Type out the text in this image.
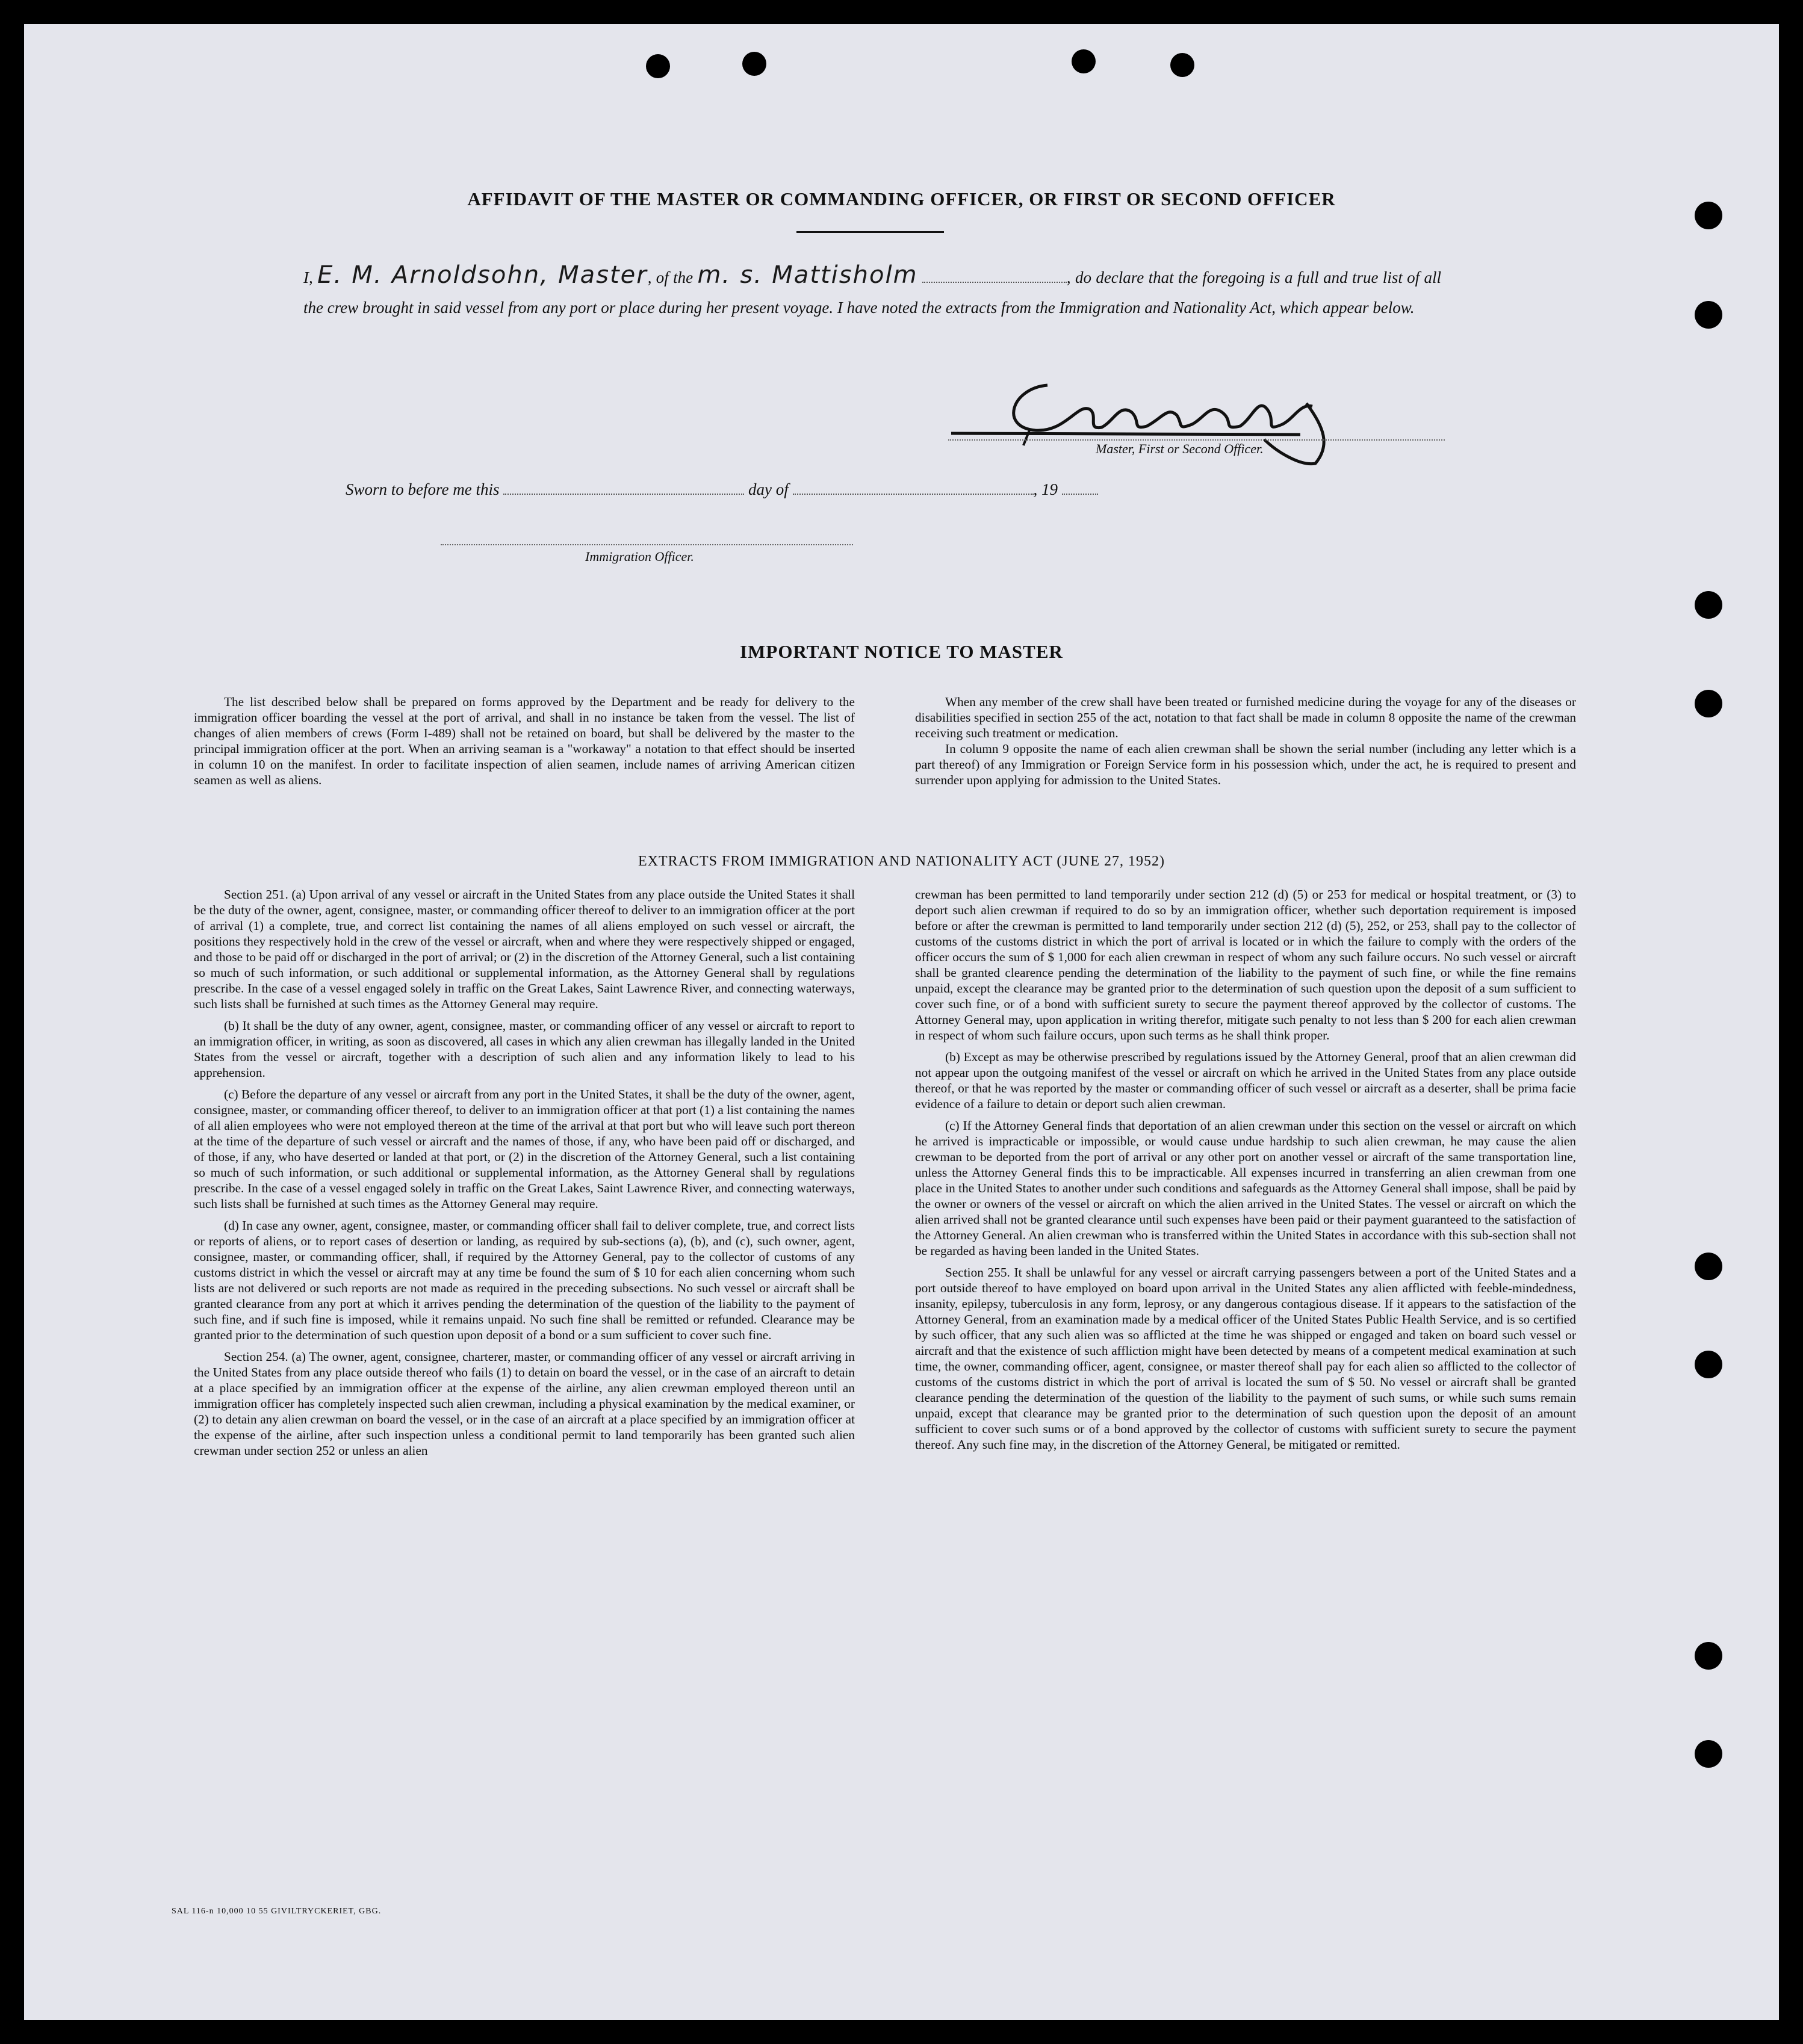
AFFIDAVIT OF THE MASTER OR COMMANDING OFFICER, OR FIRST OR SECOND OFFICER
I, E. M. Arnoldsohn, Master, of the m. s. Mattisholm	, do declare that the foregoing is a full and true list of all the crew brought in said vessel from any port or place during her present voyage. I have noted the extracts from the Immigration and Nationality Act, which appear below.
Master, First or Second Officer.
Sworn to before me this	day of	, 19
Immigration Officer.
IMPORTANT NOTICE TO MASTER

The list described below shall be prepared on forms approved by the Department and be ready for delivery to the immigration officer boarding the vessel at the port of arrival, and shall in no instance be taken from the vessel. The list of changes of alien members of crews (Form I-489) shall not be retained on board, but shall be delivered by the master to the principal immigration officer at the port. When an arriving seaman is a "workaway" a notation to that effect should be inserted in column 10 on the manifest. In order to facilitate inspection of alien seamen, include names of arriving American citizen seamen as well as aliens.

When any member of the crew shall have been treated or furnished medicine during the voyage for any of the diseases or disabilities specified in section 255 of the act, notation to that fact shall be made in column 8 opposite the name of the crewman receiving such treatment or medication.

In column 9 opposite the name of each alien crewman shall be shown the serial number (including any letter which is a part thereof) of any Immigration or Foreign Service form in his possession which, under the act, he is required to present and surrender upon applying for admission to the United States.

EXTRACTS FROM IMMIGRATION AND NATIONALITY ACT (JUNE 27, 1952)

Section 251. (a) Upon arrival of any vessel or aircraft in the United States from any place outside the United States it shall be the duty of the owner, agent, consignee, master, or commanding officer thereof to deliver to an immigration officer at the port of arrival (1) a complete, true, and correct list containing the names of all aliens employed on such vessel or aircraft, the positions they respectively hold in the crew of the vessel or aircraft, when and where they were respectively shipped or engaged, and those to be paid off or discharged in the port of arrival; or (2) in the discretion of the Attorney General, such a list containing so much of such information, or such additional or supplemental information, as the Attorney General shall by regulations prescribe. In the case of a vessel engaged solely in traffic on the Great Lakes, Saint Lawrence River, and connecting waterways, such lists shall be furnished at such times as the Attorney General may require.

(b) It shall be the duty of any owner, agent, consignee, master, or commanding officer of any vessel or aircraft to report to an immigration officer, in writing, as soon as discovered, all cases in which any alien crewman has illegally landed in the United States from the vessel or aircraft, together with a description of such alien and any information likely to lead to his apprehension.

(c) Before the departure of any vessel or aircraft from any port in the United States, it shall be the duty of the owner, agent, consignee, master, or commanding officer thereof, to deliver to an immigration officer at that port (1) a list containing the names of all alien employees who were not employed thereon at the time of the arrival at that port but who will leave such port thereon at the time of the departure of such vessel or aircraft and the names of those, if any, who have been paid off or discharged, and of those, if any, who have deserted or landed at that port, or (2) in the discretion of the Attorney General, such a list containing so much of such information, or such additional or supplemental information, as the Attorney General shall by regulations prescribe. In the case of a vessel engaged solely in traffic on the Great Lakes, Saint Lawrence River, and connecting waterways, such lists shall be furnished at such times as the Attorney General may require.

(d) In case any owner, agent, consignee, master, or commanding officer shall fail to deliver complete, true, and correct lists or reports of aliens, or to report cases of desertion or landing, as required by sub-sections (a), (b), and (c), such owner, agent, consignee, master, or commanding officer, shall, if required by the Attorney General, pay to the collector of customs of any customs district in which the vessel or aircraft may at any time be found the sum of $ 10 for each alien concerning whom such lists are not delivered or such reports are not made as required in the preceding subsections. No such vessel or aircraft shall be granted clearance from any port at which it arrives pending the determination of the question of the liability to the payment of such fine, and if such fine is imposed, while it remains unpaid. No such fine shall be remitted or refunded. Clearance may be granted prior to the determination of such question upon deposit of a bond or a sum sufficient to cover such fine.

Section 254. (a) The owner, agent, consignee, charterer, master, or commanding officer of any vessel or aircraft arriving in the United States from any place outside thereof who fails (1) to detain on board the vessel, or in the case of an aircraft to detain at a place specified by an immigration officer at the expense of the airline, any alien crewman employed thereon until an immigration officer has completely inspected such alien crewman, including a physical examination by the medical examiner, or (2) to detain any alien crewman on board the vessel, or in the case of an aircraft at a place specified by an immigration officer at the expense of the airline, after such inspection unless a conditional permit to land temporarily has been granted such alien crewman under section 252 or unless an alien

crewman has been permitted to land temporarily under section 212 (d) (5) or 253 for medical or hospital treatment, or (3) to deport such alien crewman if required to do so by an immigration officer, whether such deportation requirement is imposed before or after the crewman is permitted to land temporarily under section 212 (d) (5), 252, or 253, shall pay to the collector of customs of the customs district in which the port of arrival is located or in which the failure to comply with the orders of the officer occurs the sum of $ 1,000 for each alien crewman in respect of whom any such failure occurs. No such vessel or aircraft shall be granted clearence pending the determination of the liability to the payment of such fine, or while the fine remains unpaid, except the clearance may be granted prior to the determination of such question upon the deposit of a sum sufficient to cover such fine, or of a bond with sufficient surety to secure the payment thereof approved by the collector of customs. The Attorney General may, upon application in writing therefor, mitigate such penalty to not less than $ 200 for each alien crewman in respect of whom such failure occurs, upon such terms as he shall think proper.

(b) Except as may be otherwise prescribed by regulations issued by the Attorney General, proof that an alien crewman did not appear upon the outgoing manifest of the vessel or aircraft on which he arrived in the United States from any place outside thereof, or that he was reported by the master or commanding officer of such vessel or aircraft as a deserter, shall be prima facie evidence of a failure to detain or deport such alien crewman.

(c) If the Attorney General finds that deportation of an alien crewman under this section on the vessel or aircraft on which he arrived is impracticable or impossible, or would cause undue hardship to such alien crewman, he may cause the alien crewman to be deported from the port of arrival or any other port on another vessel or aircraft of the same transportation line, unless the Attorney General finds this to be impracticable. All expenses incurred in transferring an alien crewman from one place in the United States to another under such conditions and safeguards as the Attorney General shall impose, shall be paid by the owner or owners of the vessel or aircraft on which the alien arrived in the United States. The vessel or aircraft on which the alien arrived shall not be granted clearance until such expenses have been paid or their payment guaranteed to the satisfaction of the Attorney General. An alien crewman who is transferred within the United States in accordance with this sub-section shall not be regarded as having been landed in the United States.

Section 255. It shall be unlawful for any vessel or aircraft carrying passengers between a port of the United States and a port outside thereof to have employed on board upon arrival in the United States any alien afflicted with feeble-mindedness, insanity, epilepsy, tuberculosis in any form, leprosy, or any dangerous contagious disease. If it appears to the satisfaction of the Attorney General, from an examination made by a medical officer of the United States Public Health Service, and is so certified by such officer, that any such alien was so afflicted at the time he was shipped or engaged and taken on board such vessel or aircraft and that the existence of such affliction might have been detected by means of a competent medical examination at such time, the owner, commanding officer, agent, consignee, or master thereof shall pay for each alien so afflicted to the collector of customs of the customs district in which the port of arrival is located the sum of $ 50. No vessel or aircraft shall be granted clearance pending the determination of the question of the liability to the payment of such sums, or while such sums remain unpaid, except that clearance may be granted prior to the determination of such question upon the deposit of an amount sufficient to cover such sums or of a bond approved by the collector of customs with sufficient surety to secure the payment thereof. Any such fine may, in the discretion of the Attorney General, be mitigated or remitted.

SAL 116-n 10,000 10 55 GIVILTRYCKERIET, GBG.
